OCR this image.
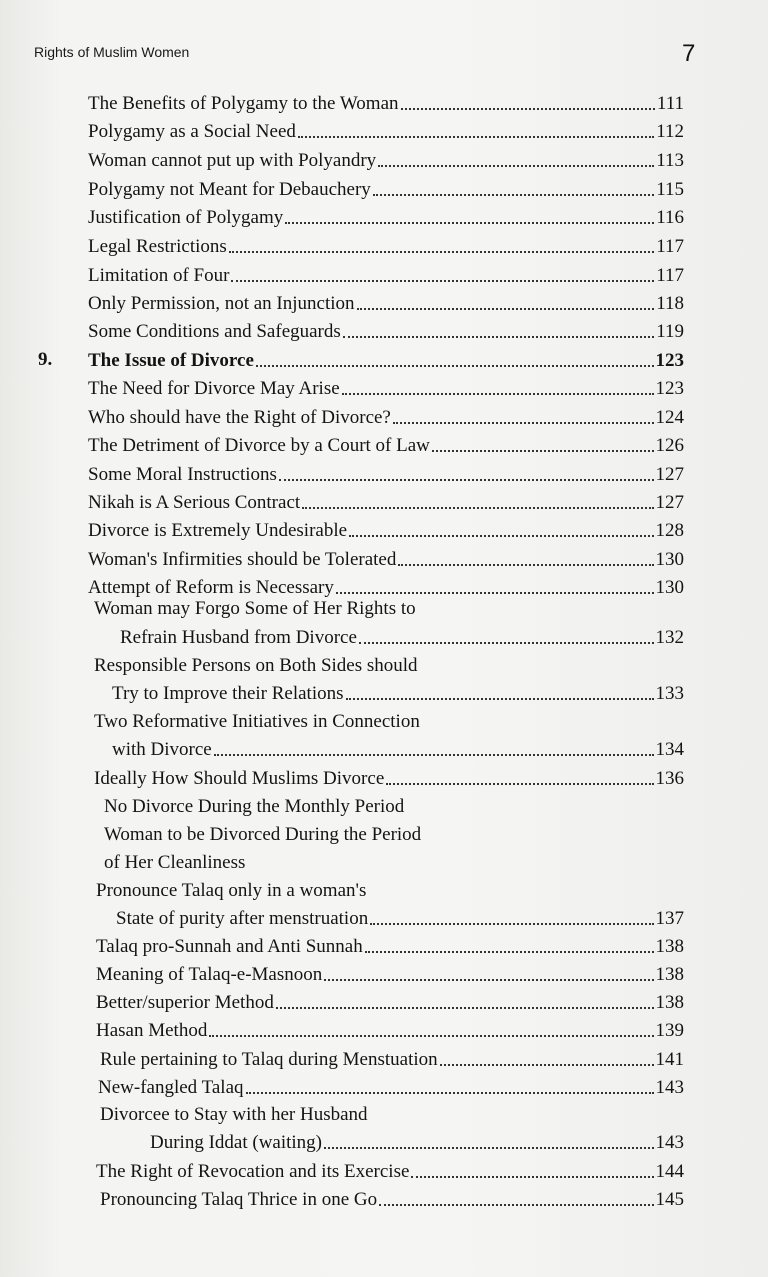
Rights of Muslim Women	7
The Benefits of Polygamy to the Woman	111
Polygamy as a Social Need	112
Woman cannot put up with Polyandry	113
Polygamy not Meant for Debauchery	115
Justification of Polygamy	116
Legal Restrictions	117
Limitation of Four	117
Only Permission, not an Injunction	118
Some Conditions and Safeguards	119
9. The Issue of Divorce	123
The Need for Divorce May Arise	123
Who should have the Right of Divorce?	124
The Detriment of Divorce by a Court of Law	126
Some Moral Instructions	127
Nikah is A Serious Contract	127
Divorce is Extremely Undesirable	128
Woman's Infirmities should be Tolerated	130
Attempt of Reform is Necessary	130
Woman may Forgo Some of Her Rights to
Refrain Husband from Divorce	132
Responsible Persons on Both Sides should
Try to Improve their Relations	133
Two Reformative Initiatives in Connection
with Divorce	134
Ideally How Should Muslims Divorce	136
No Divorce During the Monthly Period
Woman to be Divorced During the Period
of Her Cleanliness
Pronounce Talaq only in a woman's
State of purity after menstruation	137
Talaq pro-Sunnah and Anti Sunnah	138
Meaning of Talaq-e-Masnoon	138
Better/superior Method	138
Hasan Method	139
Rule pertaining to Talaq during Menstuation	141
New-fangled Talaq	143
Divorcee to Stay with her Husband
During Iddat (waiting)	143
The Right of Revocation and its Exercise	144
Pronouncing Talaq Thrice in one Go	145
